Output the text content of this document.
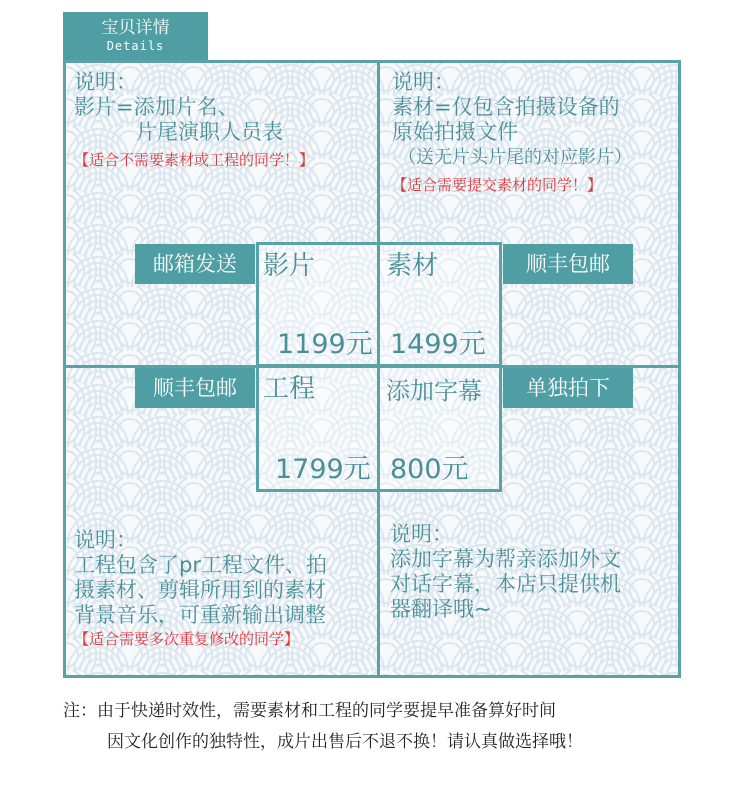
宝贝详情
Details
说明：
影片=添加片名、
片尾演职人员表
【适合不需要素材或工程的同学！】
说明：
素材=仅包含拍摄设备的
原始拍摄文件
（送无片头片尾的对应影片）
【适合需要提交素材的同学！】
影片
1199元
素材
1499元
工程
1799元
添加字幕
800元
邮箱发送	顺丰包邮
顺丰包邮	单独拍下
说明：
工程包含了pr工程文件、拍
摄素材、剪辑所用到的素材
背景音乐，可重新输出调整
【适合需要多次重复修改的同学】
说明：
添加字幕为帮亲添加外文
对话字幕，本店只提供机
器翻译哦~
注：由于快递时效性，需要素材和工程的同学要提早准备算好时间
因文化创作的独特性，成片出售后不退不换！请认真做选择哦！
